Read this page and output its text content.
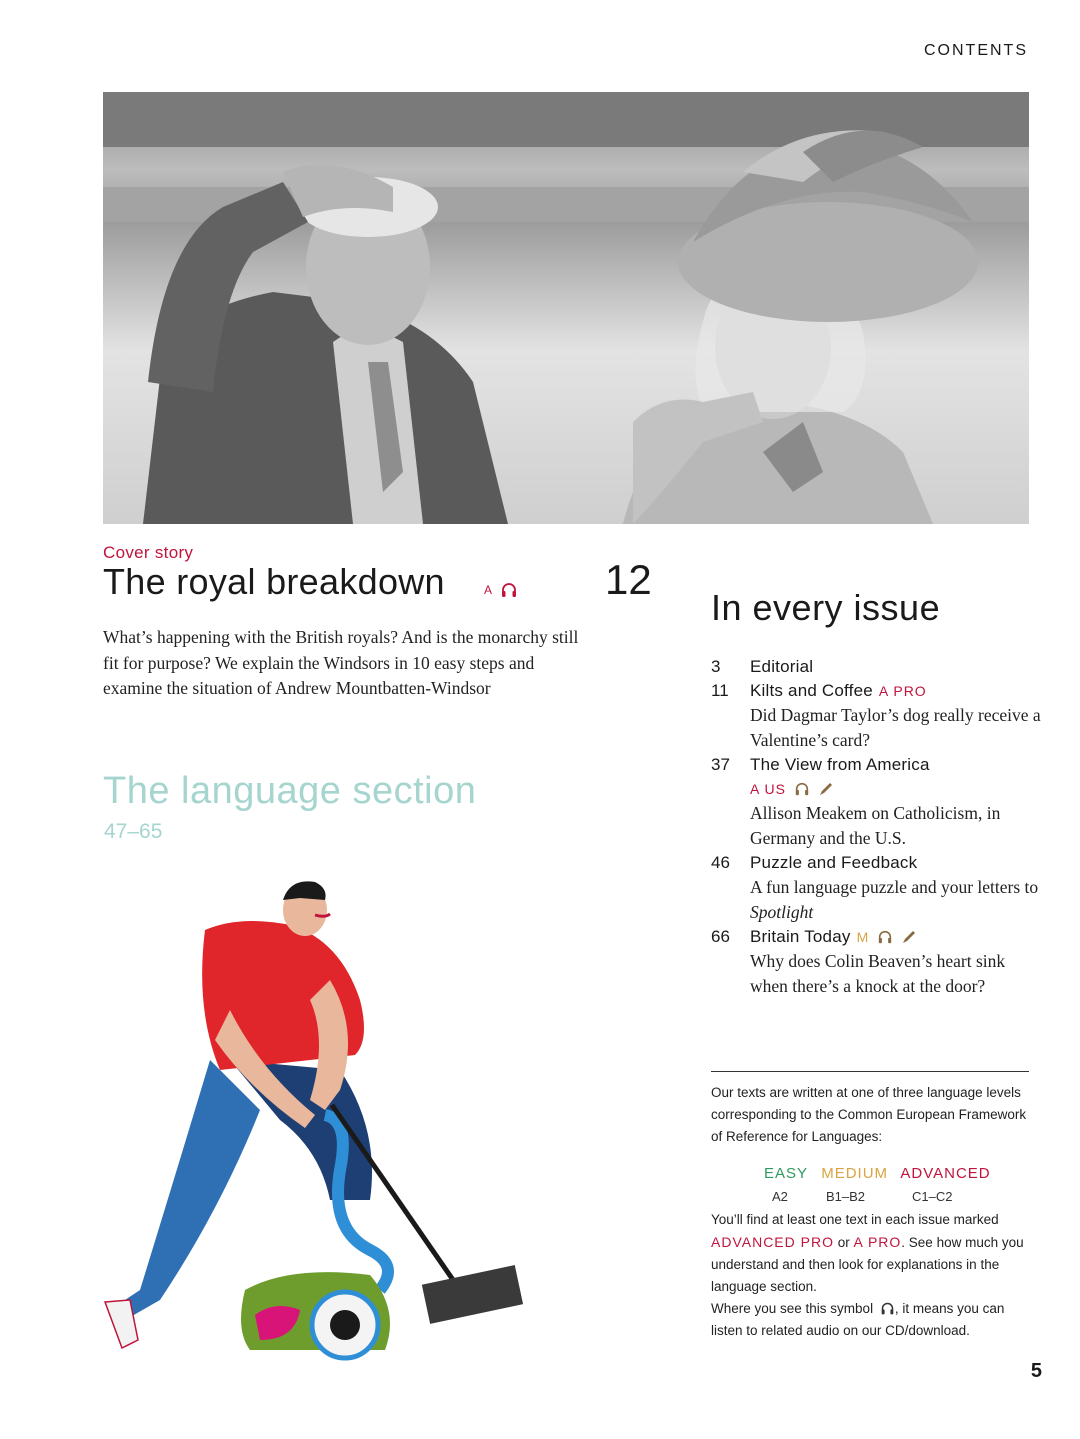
CONTENTS
Cover story
The royal breakdown	A	12
What’s happening with the British royals? And is the monarchy still fit for purpose? We explain the Windsors in 10 easy steps and examine the situation of Andrew Mountbatten-Windsor
The language section
47–65
In every issue
3 Editorial
11 Kilts and Coffee A PRO
Did Dagmar Taylor’s dog really receive a Valentine’s card?
37 The View from America
A US
Allison Meakem on Catholicism, in Germany and the U.S.
46 Puzzle and Feedback
A fun language puzzle and your letters to Spotlight
66 Britain Today M
Why does Colin Beaven’s heart sink when there’s a knock at the door?
Our texts are written at one of three language levels corresponding to the Common European Framework of Reference for Languages:
EASY MEDIUM ADVANCED
A2	B1–B2	C1–C2
You’ll find at least one text in each issue marked ADVANCED PRO or A PRO. See how much you understand and then look for explanations in the language section.
Where you see this symbol , it means you can listen to related audio on our CD/download.
5
